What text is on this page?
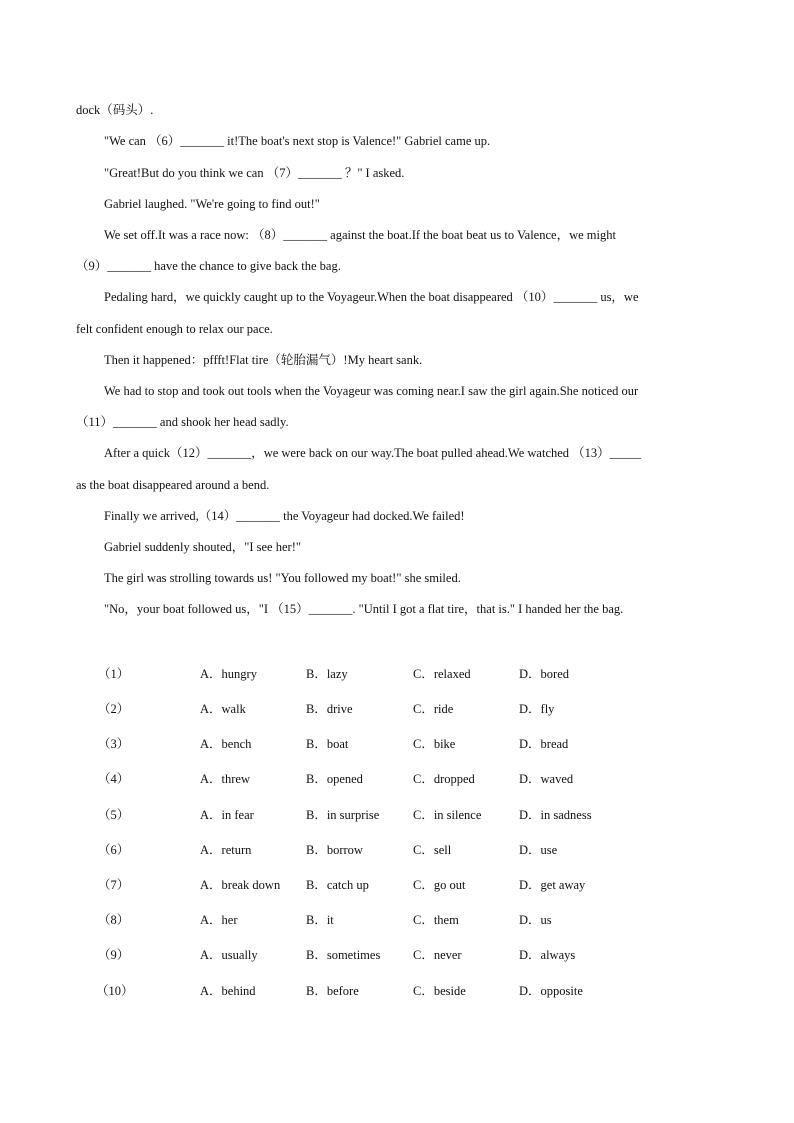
dock（码头）.
"We can （6）_______ it!The boat's next stop is Valence!" Gabriel came up.
"Great!But do you think we can （7）_______ ？" I asked.
Gabriel laughed. "We're going to find out!"
We set off.It was a race now: （8）_______ against the boat.If the boat beat us to Valence，we might
（9）_______ have the chance to give back the bag.
Pedaling hard，we quickly caught up to the Voyageur.When the boat disappeared （10）_______ us，we
felt confident enough to relax our pace.
Then it happened：pffft!Flat tire（轮胎漏气）!My heart sank.
We had to stop and took out tools when the Voyageur was coming near.I saw the girl again.She noticed our
（11）_______ and shook her head sadly.
After a quick（12）_______，we were back on our way.The boat pulled ahead.We watched （13）_____
as the boat disappeared around a bend.
Finally we arrived,（14）_______ the Voyageur had docked.We failed!
Gabriel suddenly shouted，"I see her!"
The girl was strolling towards us! "You followed my boat!" she smiled.
"No，your boat followed us，"I （15）_______. "Until I got a flat tire，that is." I handed her the bag.
（1）	A．hungry	B．lazy	C．relaxed	D．bored
（2）	A．walk	B．drive	C．ride	D．fly
（3）	A．bench	B．boat	C．bike	D．bread
（4）	A．threw	B．opened	C．dropped	D．waved
（5）	A．in fear	B．in surprise	C．in silence	D．in sadness
（6）	A．return	B．borrow	C．sell	D．use
（7）	A．break down B．catch up	C．go out	D．get away
（8）	A．her	B．it	C．them	D．us
（9）	A．usually	B．sometimes	C．never	D．always
（10）	A．behind	B．before	C．beside	D．opposite
